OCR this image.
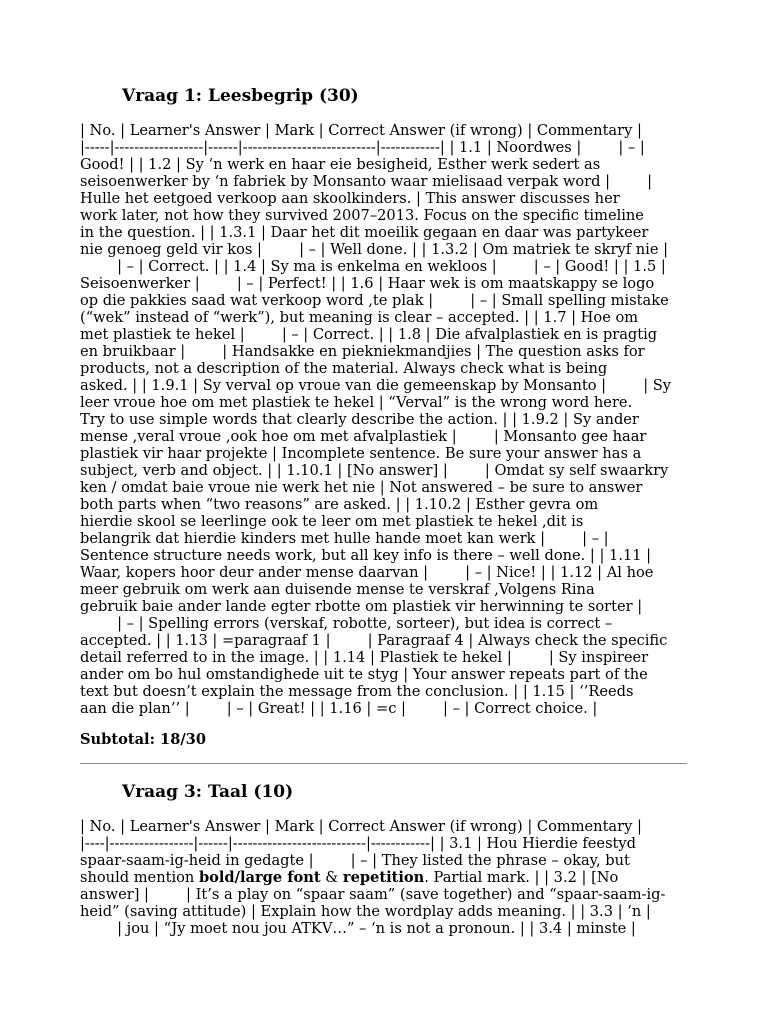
Vraag 1: Leesbegrip (30)
| No. | Learner's Answer | Mark | Correct Answer (if wrong) | Commentary |
|-----|------------------|------|---------------------------|------------| | 1.1 | Noordwes |        | – |
Good! | | 1.2 | Sy ‘n werk en haar eie besigheid, Esther werk sedert as
seisoenwerker by ‘n fabriek by Monsanto waar mielisaad verpak word |        |
Hulle het eetgoed verkoop aan skoolkinders. | This answer discusses her
work later, not how they survived 2007–2013. Focus on the specific timeline
in the question. | | 1.3.1 | Daar het dit moeilik gegaan en daar was partykeer
nie genoeg geld vir kos |        | – | Well done. | | 1.3.2 | Om matriek te skryf nie |
| – | Correct. | | 1.4 | Sy ma is enkelma en wekloos |        | – | Good! | | 1.5 |
Seisoenwerker |        | – | Perfect! | | 1.6 | Haar wek is om maatskappy se logo
op die pakkies saad wat verkoop word ,te plak |        | – | Small spelling mistake
(“wek” instead of “werk”), but meaning is clear – accepted. | | 1.7 | Hoe om
met plastiek te hekel |        | – | Correct. | | 1.8 | Die afvalplastiek en is pragtig
en bruikbaar |        | Handsakke en piekniekmandjies | The question asks for
products, not a description of the material. Always check what is being
asked. | | 1.9.1 | Sy verval op vroue van die gemeenskap by Monsanto |        | Sy
leer vroue hoe om met plastiek te hekel | “Verval” is the wrong word here.
Try to use simple words that clearly describe the action. | | 1.9.2 | Sy ander
mense ,veral vroue ,ook hoe om met afvalplastiek |        | Monsanto gee haar
plastiek vir haar projekte | Incomplete sentence. Be sure your answer has a
subject, verb and object. | | 1.10.1 | [No answer] |        | Omdat sy self swaarkry
ken / omdat baie vroue nie werk het nie | Not answered – be sure to answer
both parts when “two reasons” are asked. | | 1.10.2 | Esther gevra om
hierdie skool se leerlinge ook te leer om met plastiek te hekel ,dit is
belangrik dat hierdie kinders met hulle hande moet kan werk |        | – |
Sentence structure needs work, but all key info is there – well done. | | 1.11 |
Waar, kopers hoor deur ander mense daarvan |        | – | Nice! | | 1.12 | Al hoe
meer gebruik om werk aan duisende mense te verskraf ,Volgens Rina
gebruik baie ander lande egter rbotte om plastiek vir herwinning te sorter |
| – | Spelling errors (verskaf, robotte, sorteer), but idea is correct –
accepted. | | 1.13 | =paragraaf 1 |        | Paragraaf 4 | Always check the specific
detail referred to in the image. | | 1.14 | Plastiek te hekel |        | Sy inspireer
ander om bo hul omstandighede uit te styg | Your answer repeats part of the
text but doesn’t explain the message from the conclusion. | | 1.15 | ‘’Reeds
aan die plan’’ |        | – | Great! | | 1.16 | =c |        | – | Correct choice. |

Subtotal: 18/30

Vraag 3: Taal (10)
| No. | Learner's Answer | Mark | Correct Answer (if wrong) | Commentary |
|----|-----------------|------|---------------------------|------------| | 3.1 | Hou Hierdie feestyd
spaar-saam-ig-heid in gedagte |        | – | They listed the phrase – okay, but
should mention bold/large font & repetition. Partial mark. | | 3.2 | [No
answer] |        | It’s a play on “spaar saam” (save together) and “spaar-saam-ig-
heid” (saving attitude) | Explain how the wordplay adds meaning. | | 3.3 | ‘n |
| jou | “Jy moet nou jou ATKV…” – ‘n is not a pronoun. | | 3.4 | minste |
